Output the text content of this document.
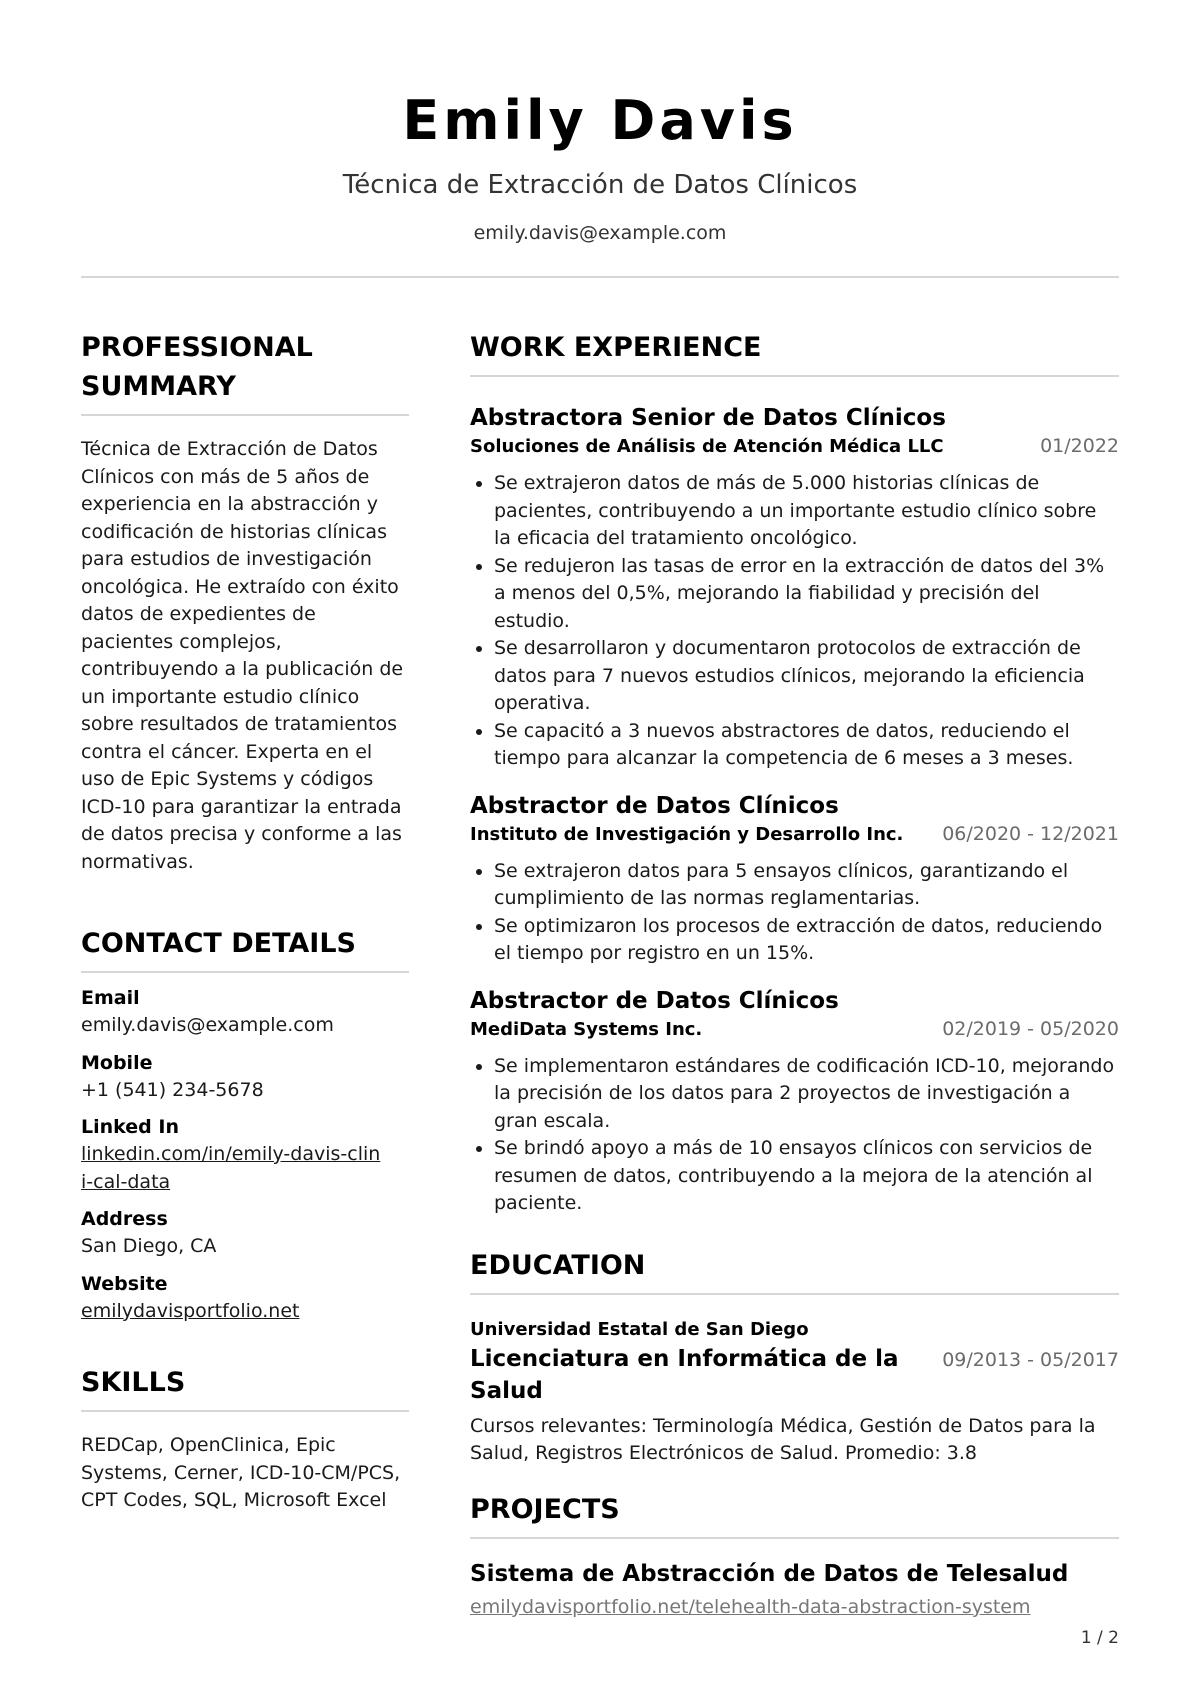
Emily Davis
Técnica de Extracción de Datos Clínicos
emily.davis@example.com
PROFESSIONAL SUMMARY
Técnica de Extracción de Datos Clínicos con más de 5 años de experiencia en la abstracción y codificación de historias clínicas para estudios de investigación oncológica. He extraído con éxito datos de expedientes de pacientes complejos, contribuyendo a la publicación de un importante estudio clínico sobre resultados de tratamientos contra el cáncer. Experta en el uso de Epic Systems y códigos ICD-10 para garantizar la entrada de datos precisa y conforme a las normativas.
CONTACT DETAILS
Email
emily.davis@example.com
Mobile
+1 (541) 234-5678
Linked In
linkedin.com/in/emily-davis-clini-cal-data
Address
San Diego, CA
Website
emilydavisportfolio.net
SKILLS
REDCap, OpenClinica, Epic Systems, Cerner, ICD-10-CM/PCS, CPT Codes, SQL, Microsoft Excel
WORK EXPERIENCE
Abstractora Senior de Datos Clínicos
Soluciones de Análisis de Atención Médica LLC	01/2022
• Se extrajeron datos de más de 5.000 historias clínicas de pacientes, contribuyendo a un importante estudio clínico sobre la eficacia del tratamiento oncológico.
• Se redujeron las tasas de error en la extracción de datos del 3% a menos del 0,5%, mejorando la fiabilidad y precisión del estudio.
• Se desarrollaron y documentaron protocolos de extracción de datos para 7 nuevos estudios clínicos, mejorando la eficiencia operativa.
• Se capacitó a 3 nuevos abstractores de datos, reduciendo el tiempo para alcanzar la competencia de 6 meses a 3 meses.
Abstractor de Datos Clínicos
Instituto de Investigación y Desarrollo Inc. 06/2020 - 12/2021
• Se extrajeron datos para 5 ensayos clínicos, garantizando el cumplimiento de las normas reglamentarias.
• Se optimizaron los procesos de extracción de datos, reduciendo el tiempo por registro en un 15%.
Abstractor de Datos Clínicos
MediData Systems Inc.	02/2019 - 05/2020
• Se implementaron estándares de codificación ICD-10, mejorando la precisión de los datos para 2 proyectos de investigación a gran escala.
• Se brindó apoyo a más de 10 ensayos clínicos con servicios de resumen de datos, contribuyendo a la mejora de la atención al paciente.
EDUCATION
Universidad Estatal de San Diego
Licenciatura en Informática de la Salud
09/2013 - 05/2017
Cursos relevantes: Terminología Médica, Gestión de Datos para la Salud, Registros Electrónicos de Salud. Promedio: 3.8
PROJECTS
Sistema de Abstracción de Datos de Telesalud
emilydavisportfolio.net/telehealth-data-abstraction-system
1 / 2
